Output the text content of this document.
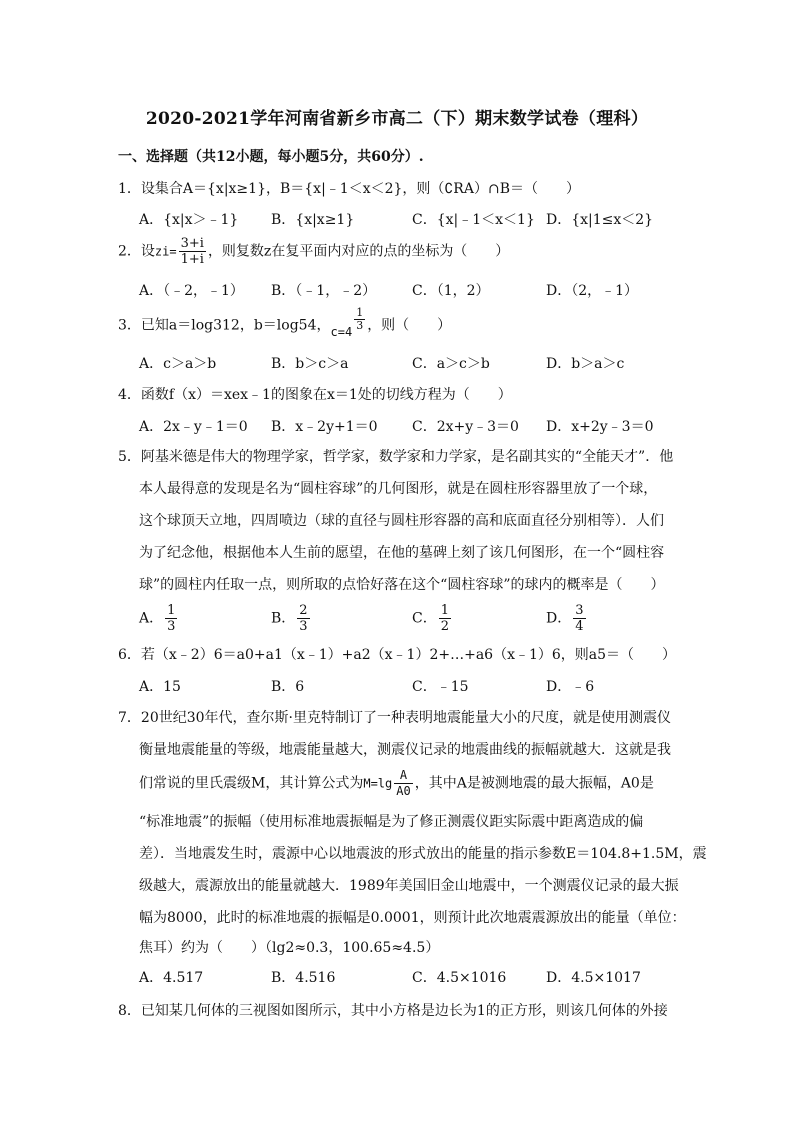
2020-2021学年河南省新乡市高二（下）期末数学试卷（理科）
一、选择题（共12小题，每小题5分，共60分）.
1．设集合A＝{x|x≥1}，B＝{x|﹣1＜x＜2}，则（∁RA）∩B＝（　　）
A．{x|x＞﹣1} B．{x|x≥1}	C．{x|﹣1＜x＜1} D．{x|1≤x＜2}
2．设$zi= \frac{3+i}{1+i}$ ，则复数z在复平面内对应的点的坐标为（　　）
A．（﹣2，﹣1） B．（﹣1，﹣2）	C．（1，2）	D．（2，﹣1）
3．已知a＝log312，b＝log54，$c=4 \frac{1}{3}$ ，则（　　）
A．c＞a＞b	B．b＞c＞a	C．a＞c＞b	D．b＞a＞c
4．函数f（x）＝xex﹣1的图象在x＝1处的切线方程为（　　）
A．2x﹣y﹣1＝0 B．x﹣2y+1＝0 C．2x+y﹣3＝0 D．x+2y﹣3＝0
5．阿基米德是伟大的物理学家，哲学家，数学家和力学家，是名副其实的“全能天才”．他
本人最得意的发现是名为“圆柱容球”的几何图形，就是在圆柱形容器里放了一个球，
这个球顶天立地，四周喷边（球的直径与圆柱形容器的高和底面直径分别相等）．人们
为了纪念他，根据他本人生前的愿望，在他的墓碑上刻了该几何图形，在一个“圆柱容
球”的圆柱内任取一点，则所取的点恰好落在这个“圆柱容球”的球内的概率是（　　）
A． $\frac{1}{3}$	B． $\frac{2}{3}$	C． $\frac{1}{2}$	D． $\frac{3}{4}$
6．若（x﹣2）6＝a0+a1（x﹣1）+a2（x﹣1）2+…+a6（x﹣1）6，则a5＝（　　）
A．15	B．6	C．﹣15	D．﹣6
7．20世纪30年代，查尔斯·里克特制订了一种表明地震能量大小的尺度，就是使用测震仪
衡量地震能量的等级，地震能量越大，测震仪记录的地震曲线的振幅就越大．这就是我
们常说的里氏震级M，其计算公式为$M=\lg \frac{A}{A0}$ ，其中A是被测地震的最大振幅，A0是
“标准地震”的振幅（使用标准地震振幅是为了修正测震仪距实际震中距离造成的偏
差）．当地震发生时，震源中心以地震波的形式放出的能量的指示参数E＝104.8+1.5M，震
级越大，震源放出的能量就越大．1989年美国旧金山地震中，一个测震仪记录的最大振
幅为8000，此时的标准地震的振幅是0.0001，则预计此次地震震源放出的能量（单位：
焦耳）约为（　　）（lg2≈0.3，100.65≈4.5）
A．4.517	B．4.516	C．4.5×1016	D．4.5×1017
8．已知某几何体的三视图如图所示，其中小方格是边长为1的正方形，则该几何体的外接
